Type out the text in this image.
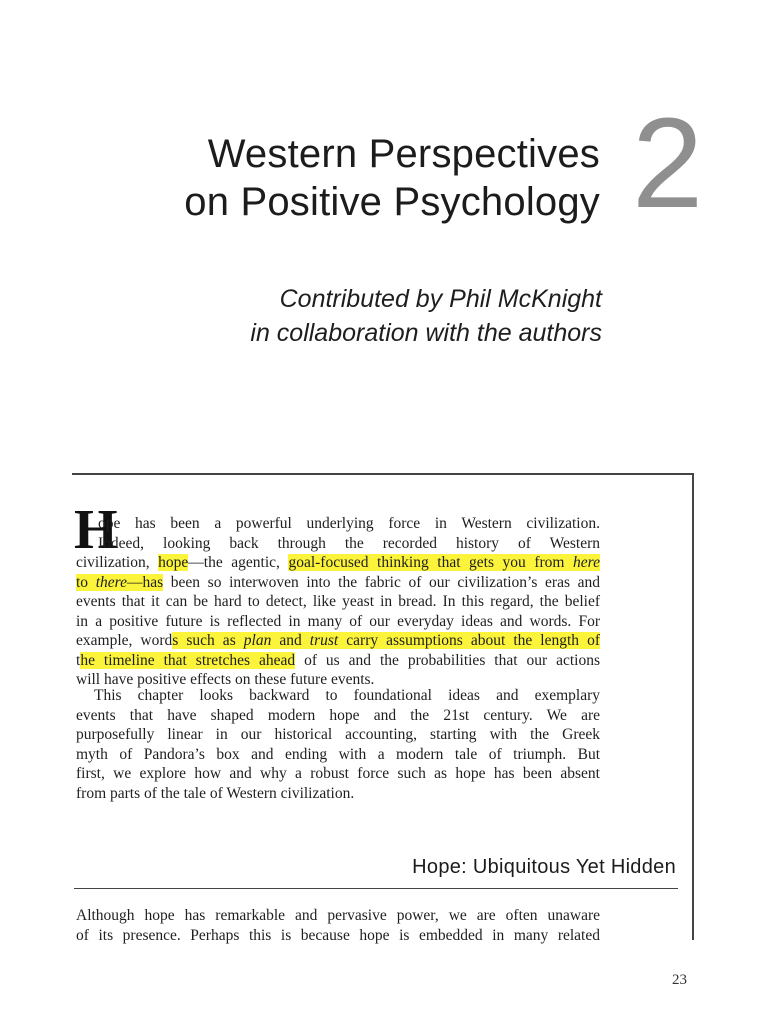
Western Perspectives
on Positive Psychology 2
Contributed by Phil McKnight
in collaboration with the authors
H
ope has been a powerful underlying force in Western civilization.
Indeed, looking back through the recorded history of Western
civilization, hope—the agentic, goal-focused thinking that gets you from here
to there—has been so interwoven into the fabric of our civilization’s eras and
events that it can be hard to detect, like yeast in bread. In this regard, the belief
in a positive future is reflected in many of our everyday ideas and words. For
example, words such as plan and trust carry assumptions about the length of
the timeline that stretches ahead of us and the probabilities that our actions
will have positive effects on these future events.
This chapter looks backward to foundational ideas and exemplary
events that have shaped modern hope and the 21st century. We are
purposefully linear in our historical accounting, starting with the Greek
myth of Pandora’s box and ending with a modern tale of triumph. But
first, we explore how and why a robust force such as hope has been absent
from parts of the tale of Western civilization.
Hope: Ubiquitous Yet Hidden
Although hope has remarkable and pervasive power, we are often unaware
of its presence. Perhaps this is because hope is embedded in many related
23
